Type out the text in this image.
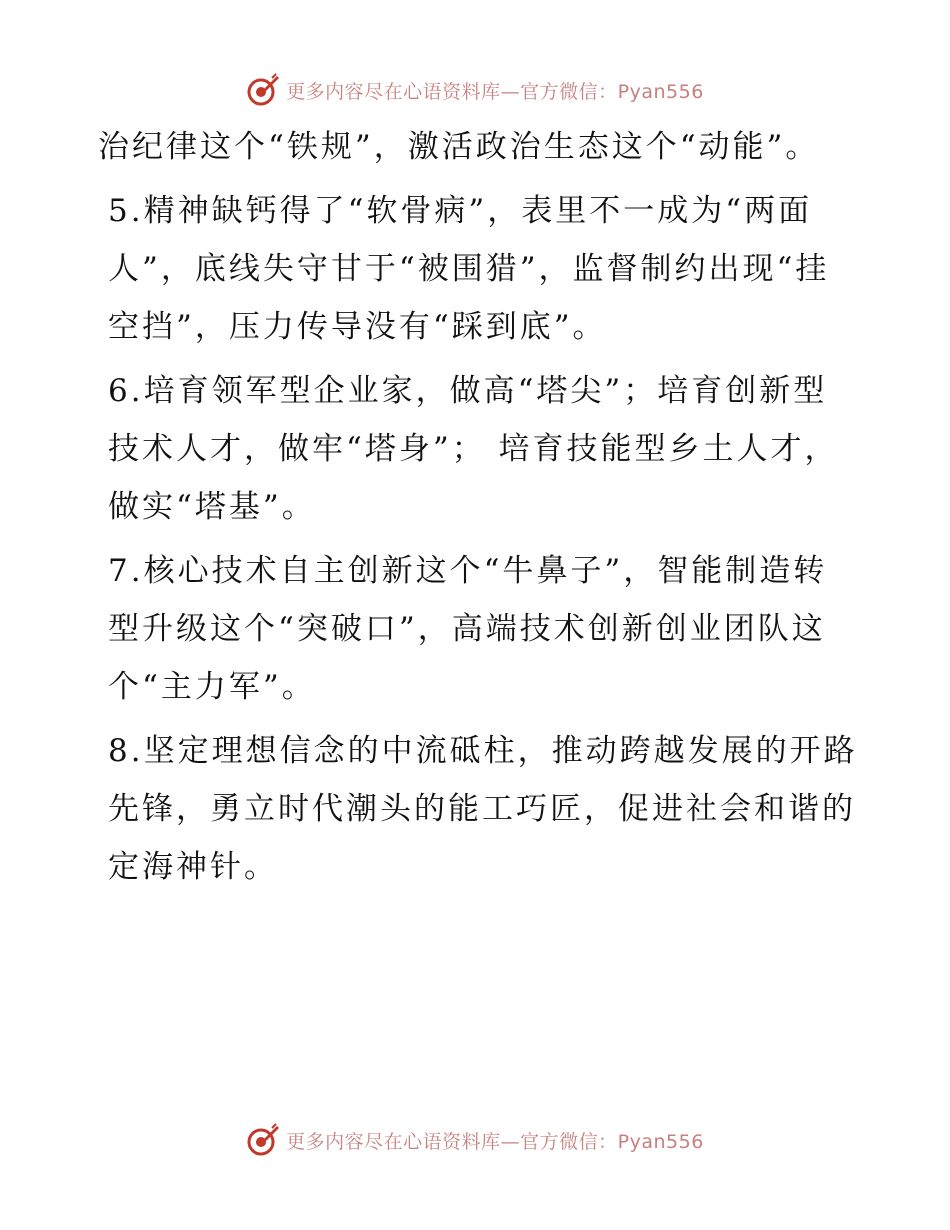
更多内容尽在心语资料库—官方微信：Pyan556

治纪律这个“铁规”，激活政治生态这个“动能”。

5.精神缺钙得了“软骨病”，表里不一成为“两面人”，底线失守甘于“被围猎”，监督制约出现“挂空挡”，压力传导没有“踩到底”。

6.培育领军型企业家，做高“塔尖”；培育创新型技术人才，做牢“塔身”； 培育技能型乡土人才，做实“塔基”。

7.核心技术自主创新这个“牛鼻子”，智能制造转型升级这个“突破口”，高端技术创新创业团队这个“主力军”。

8.坚定理想信念的中流砥柱，推动跨越发展的开路先锋，勇立时代潮头的能工巧匠，促进社会和谐的定海神针。

更多内容尽在心语资料库—官方微信：Pyan556
